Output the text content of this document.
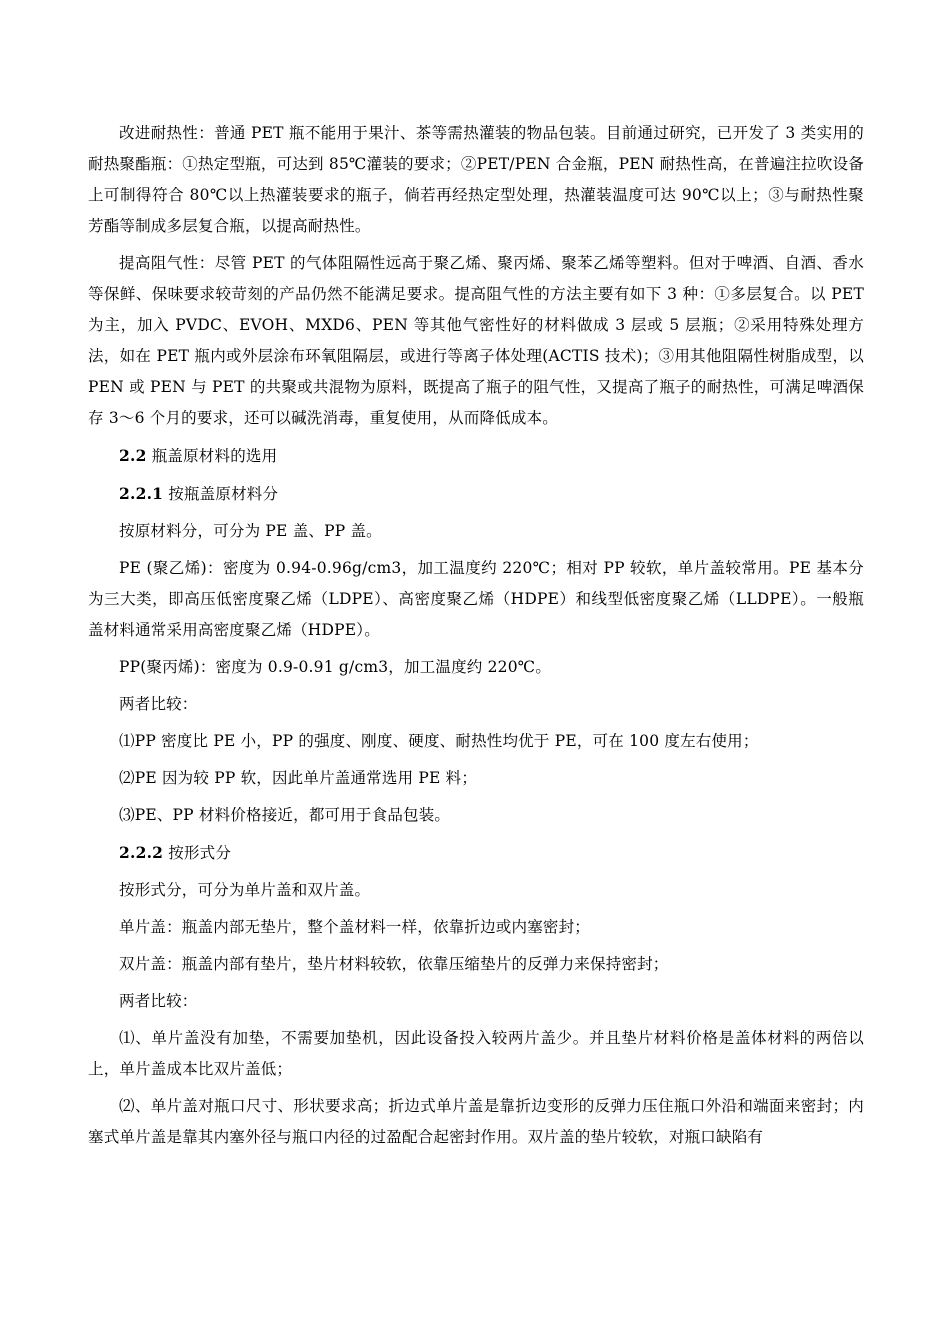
改进耐热性：普通 PET 瓶不能用于果汁、茶等需热灌装的物品包装。目前通过研究，已开发了 3 类实用的耐热聚酯瓶：①热定型瓶，可达到 85℃灌装的要求；②PET/PEN 合金瓶，PEN 耐热性高，在普遍注拉吹设备上可制得符合 80℃以上热灌装要求的瓶子，倘若再经热定型处理，热灌装温度可达 90℃以上；③与耐热性聚芳酯等制成多层复合瓶，以提高耐热性。

提高阻气性：尽管 PET 的气体阻隔性远高于聚乙烯、聚丙烯、聚苯乙烯等塑料。但对于啤酒、自酒、香水等保鲜、保味要求较苛刻的产品仍然不能满足要求。提高阻气性的方法主要有如下 3 种：①多层复合。以 PET 为主，加入 PVDC、EVOH、MXD6、PEN 等其他气密性好的材料做成 3 层或 5 层瓶；②采用特殊处理方法，如在 PET 瓶内或外层涂布环氧阻隔层，或进行等离子体处理(ACTIS 技术)；③用其他阻隔性树脂成型，以 PEN 或 PEN 与 PET 的共聚或共混物为原料，既提高了瓶子的阻气性，又提高了瓶子的耐热性，可满足啤酒保存 3～6 个月的要求，还可以碱洗消毒，重复使用，从而降低成本。

2.2 瓶盖原材料的选用
2.2.1 按瓶盖原材料分

按原材料分，可分为 PE 盖、PP 盖。

PE (聚乙烯)：密度为 0.94-0.96g/cm3，加工温度约 220℃；相对 PP 较软，单片盖较常用。PE 基本分为三大类，即高压低密度聚乙烯（LDPE）、高密度聚乙烯（HDPE）和线型低密度聚乙烯（LLDPE）。一般瓶盖材料通常采用高密度聚乙烯（HDPE）。

PP(聚丙烯)：密度为 0.9-0.91 g/cm3，加工温度约 220℃。

两者比较：

⑴PP 密度比 PE 小，PP 的强度、刚度、硬度、耐热性均优于 PE，可在 100 度左右使用；

⑵PE 因为较 PP 软，因此单片盖通常选用 PE 料；

⑶PE、PP 材料价格接近，都可用于食品包装。

2.2.2 按形式分

按形式分，可分为单片盖和双片盖。

单片盖：瓶盖内部无垫片，整个盖材料一样，依靠折边或内塞密封；

双片盖：瓶盖内部有垫片，垫片材料较软，依靠压缩垫片的反弹力来保持密封；

两者比较：

⑴、单片盖没有加垫，不需要加垫机，因此设备投入较两片盖少。并且垫片材料价格是盖体材料的两倍以上，单片盖成本比双片盖低；

⑵、单片盖对瓶口尺寸、形状要求高；折边式单片盖是靠折边变形的反弹力压住瓶口外沿和端面来密封；内塞式单片盖是靠其内塞外径与瓶口内径的过盈配合起密封作用。双片盖的垫片较软，对瓶口缺陷有
